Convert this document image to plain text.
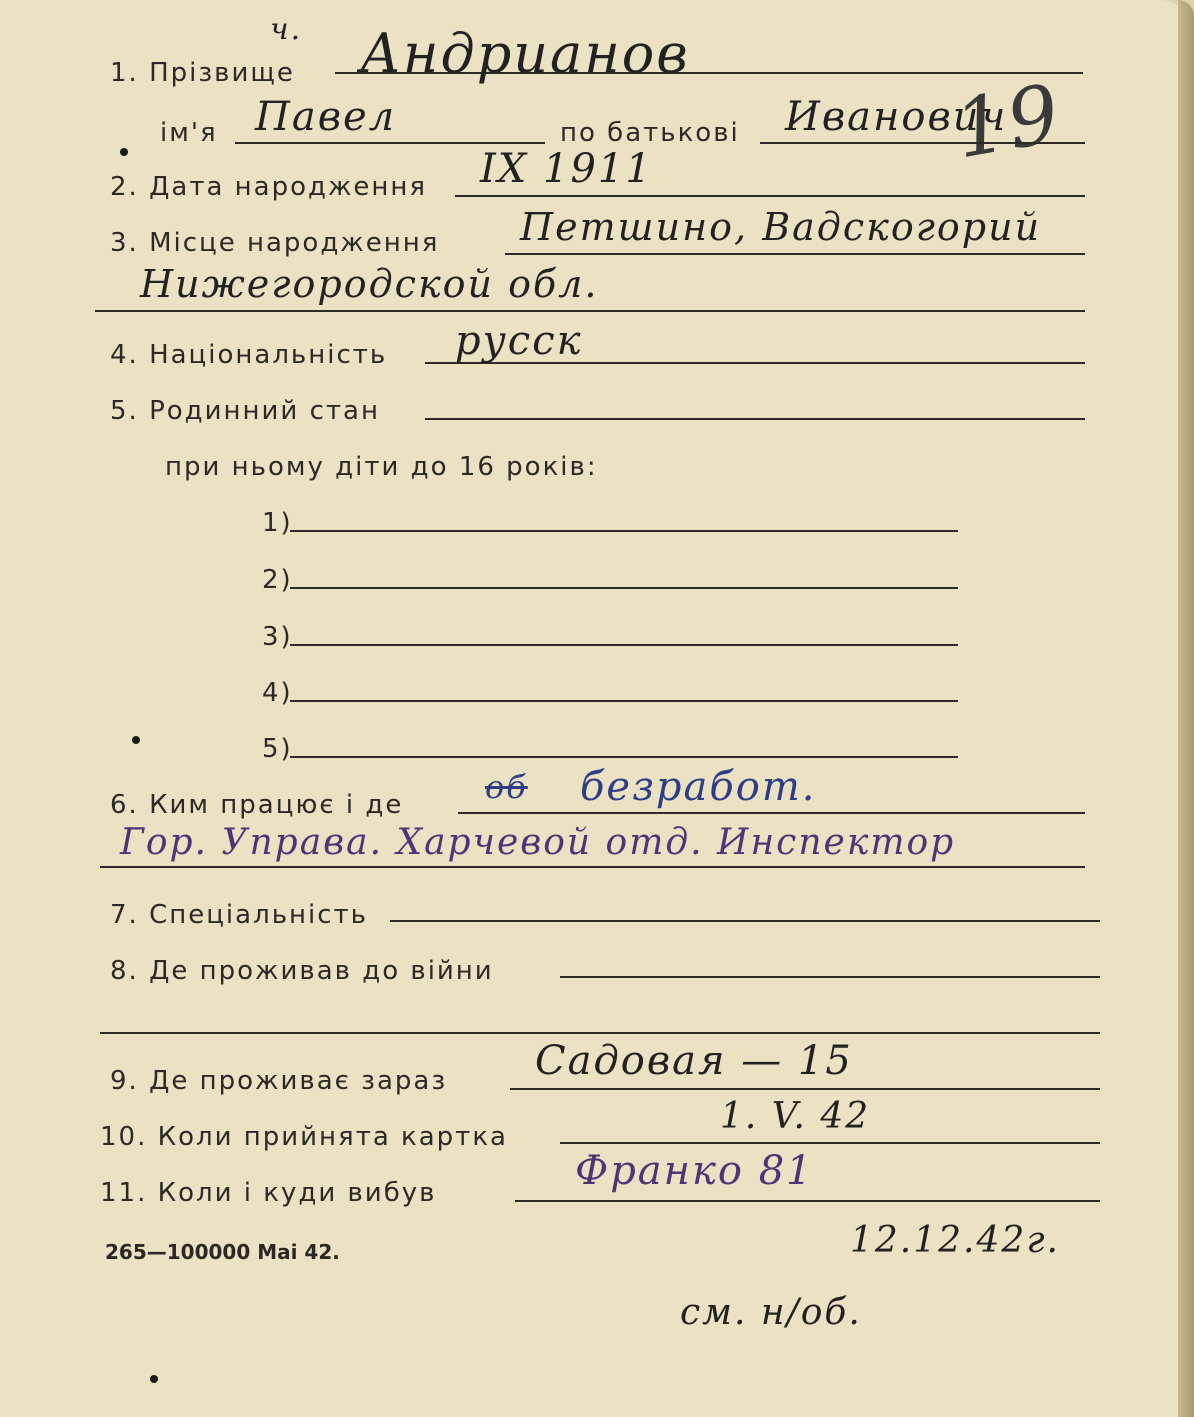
19
1. Прізвище
ч. Андрианов
ім'я Павел	по батькові Иванович
2. Дата народження IX 1911
3. Місце народження Петшино, Вадскогорий
Нижегородской обл.
4. Національність русск
5. Родинний стан
при ньому діти до 16 років:
1)
2)
3)
4)
5)
6. Ким працює і де	об безработ.
Гор. Управа. Харчевой отд. Инспектор
7. Спеціальність
8. Де проживав до війни
9. Де проживає зараз Садовая — 15
10. Коли прийнята картка	1. V. 42
11. Коли і куди вибув	Франко 81
265—100000 Mai 42.	12.12.42г.
см. н/об.
